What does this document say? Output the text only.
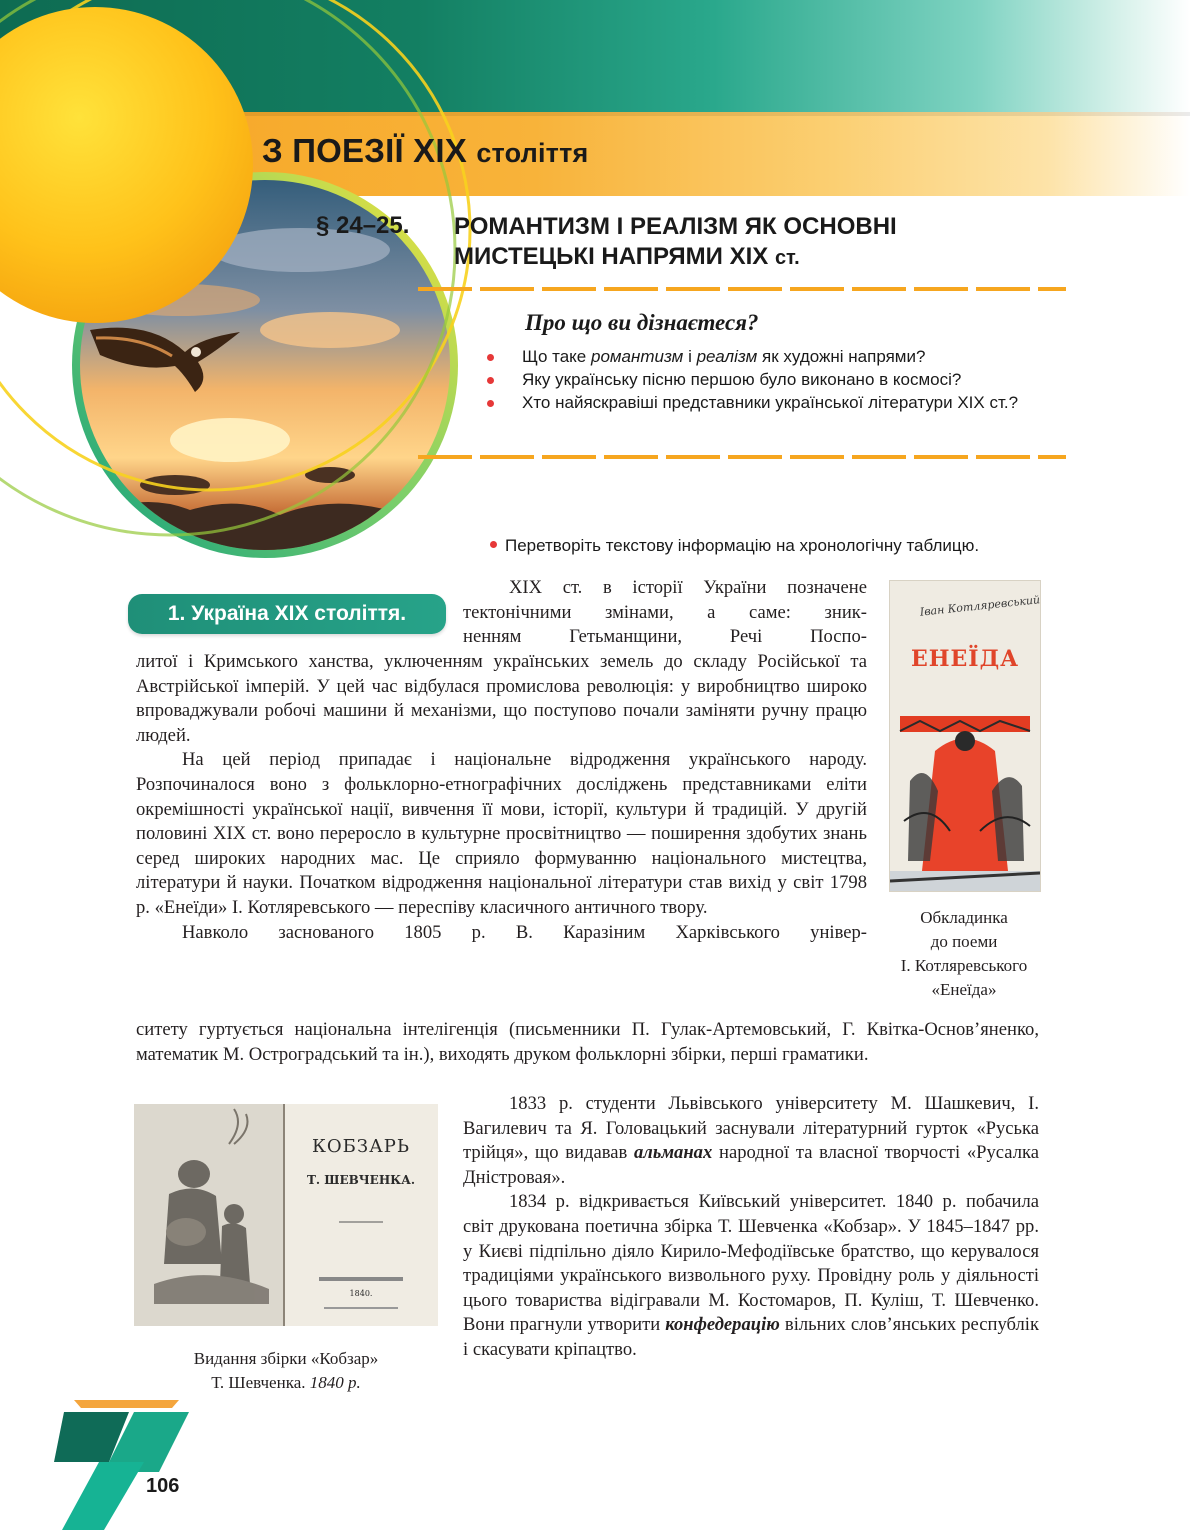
З ПОЕЗІЇ XIX століття
§ 24–25. РОМАНТИЗМ І РЕАЛІЗМ ЯК ОСНОВНІ
МИСТЕЦЬКІ НАПРЯМИ XIX ст.
Про що ви дізнаєтеся?
Що таке романтизм і реалізм як художні напрями?
Яку українську пісню першою було виконано в космосі?
Хто найяскравіші представники української літератури XIX ст.?
Перетворіть текстову інформацію на хронологічну таблицю.
1. Україна XIX століття.

XIX ст. в історії України позначене

тектонічними змінами, а саме: зник-

ненням Гетьманщини, Речі Поспо-

литої і Кримського ханства, уключенням українських земель до складу Російської та Австрійської імперій. У цей час відбулася промислова революція: у виробництво широко впроваджували робочі машини й механізми, що поступово почали заміняти ручну працю людей.

На цей період припадає і національне відродження українського народу. Розпочиналося воно з фольклорно-етнографічних досліджень представниками еліти окремішності української нації, вивчення її мови, історії, культури й традицій. У другій половині XIX ст. воно переросло в культурне просвітництво — поширення здобутих знань серед широких народних мас. Це сприяло формуванню національного мистецтва, літератури й науки. Початком відродження національної літератури став вихід у світ 1798 р. «Енеїди» І. Котляревського — переспіву класичного античного твору.

Навколо заснованого 1805 р. В. Каразіним Харківського універ-

ситету гуртується національна інтелігенція (письменники П. Гулак-Артемовський, Г. Квітка-Основ’яненко, математик М. Остроградський та ін.), виходять друком фольклорні збірки, перші граматики.

1833 р. студенти Львівського університету М. Шашкевич, І. Вагилевич та Я. Головацький заснували літературний гурток «Руська трійця», що видавав альманах народної та власної творчості «Русалка Дністровая».

1834 р. відкривається Київський університет. 1840 р. побачила світ друкована поетична збірка Т. Шевченка «Кобзар». У 1845–1847 рр. у Києві підпільно діяло Кирило-Мефодіївське братство, що керувалося традиціями українського визвольного руху. Провідну роль у діяльності цього товариства відігравали М. Костомаров, П. Куліш, Т. Шевченко. Вони прагнули утворити конфедерацію вільних слов’янських республік і скасувати кріпацтво.

Іван Котляревський
ЕНЕЇДА
Обкладинка
до поеми
І. Котляревського
«Енеїда»
КОБЗАРЬ
Т. ШЕВЧЕНКА.
1840.
Видання збірки «Кобзар»
Т. Шевченка. 1840 р.
106
